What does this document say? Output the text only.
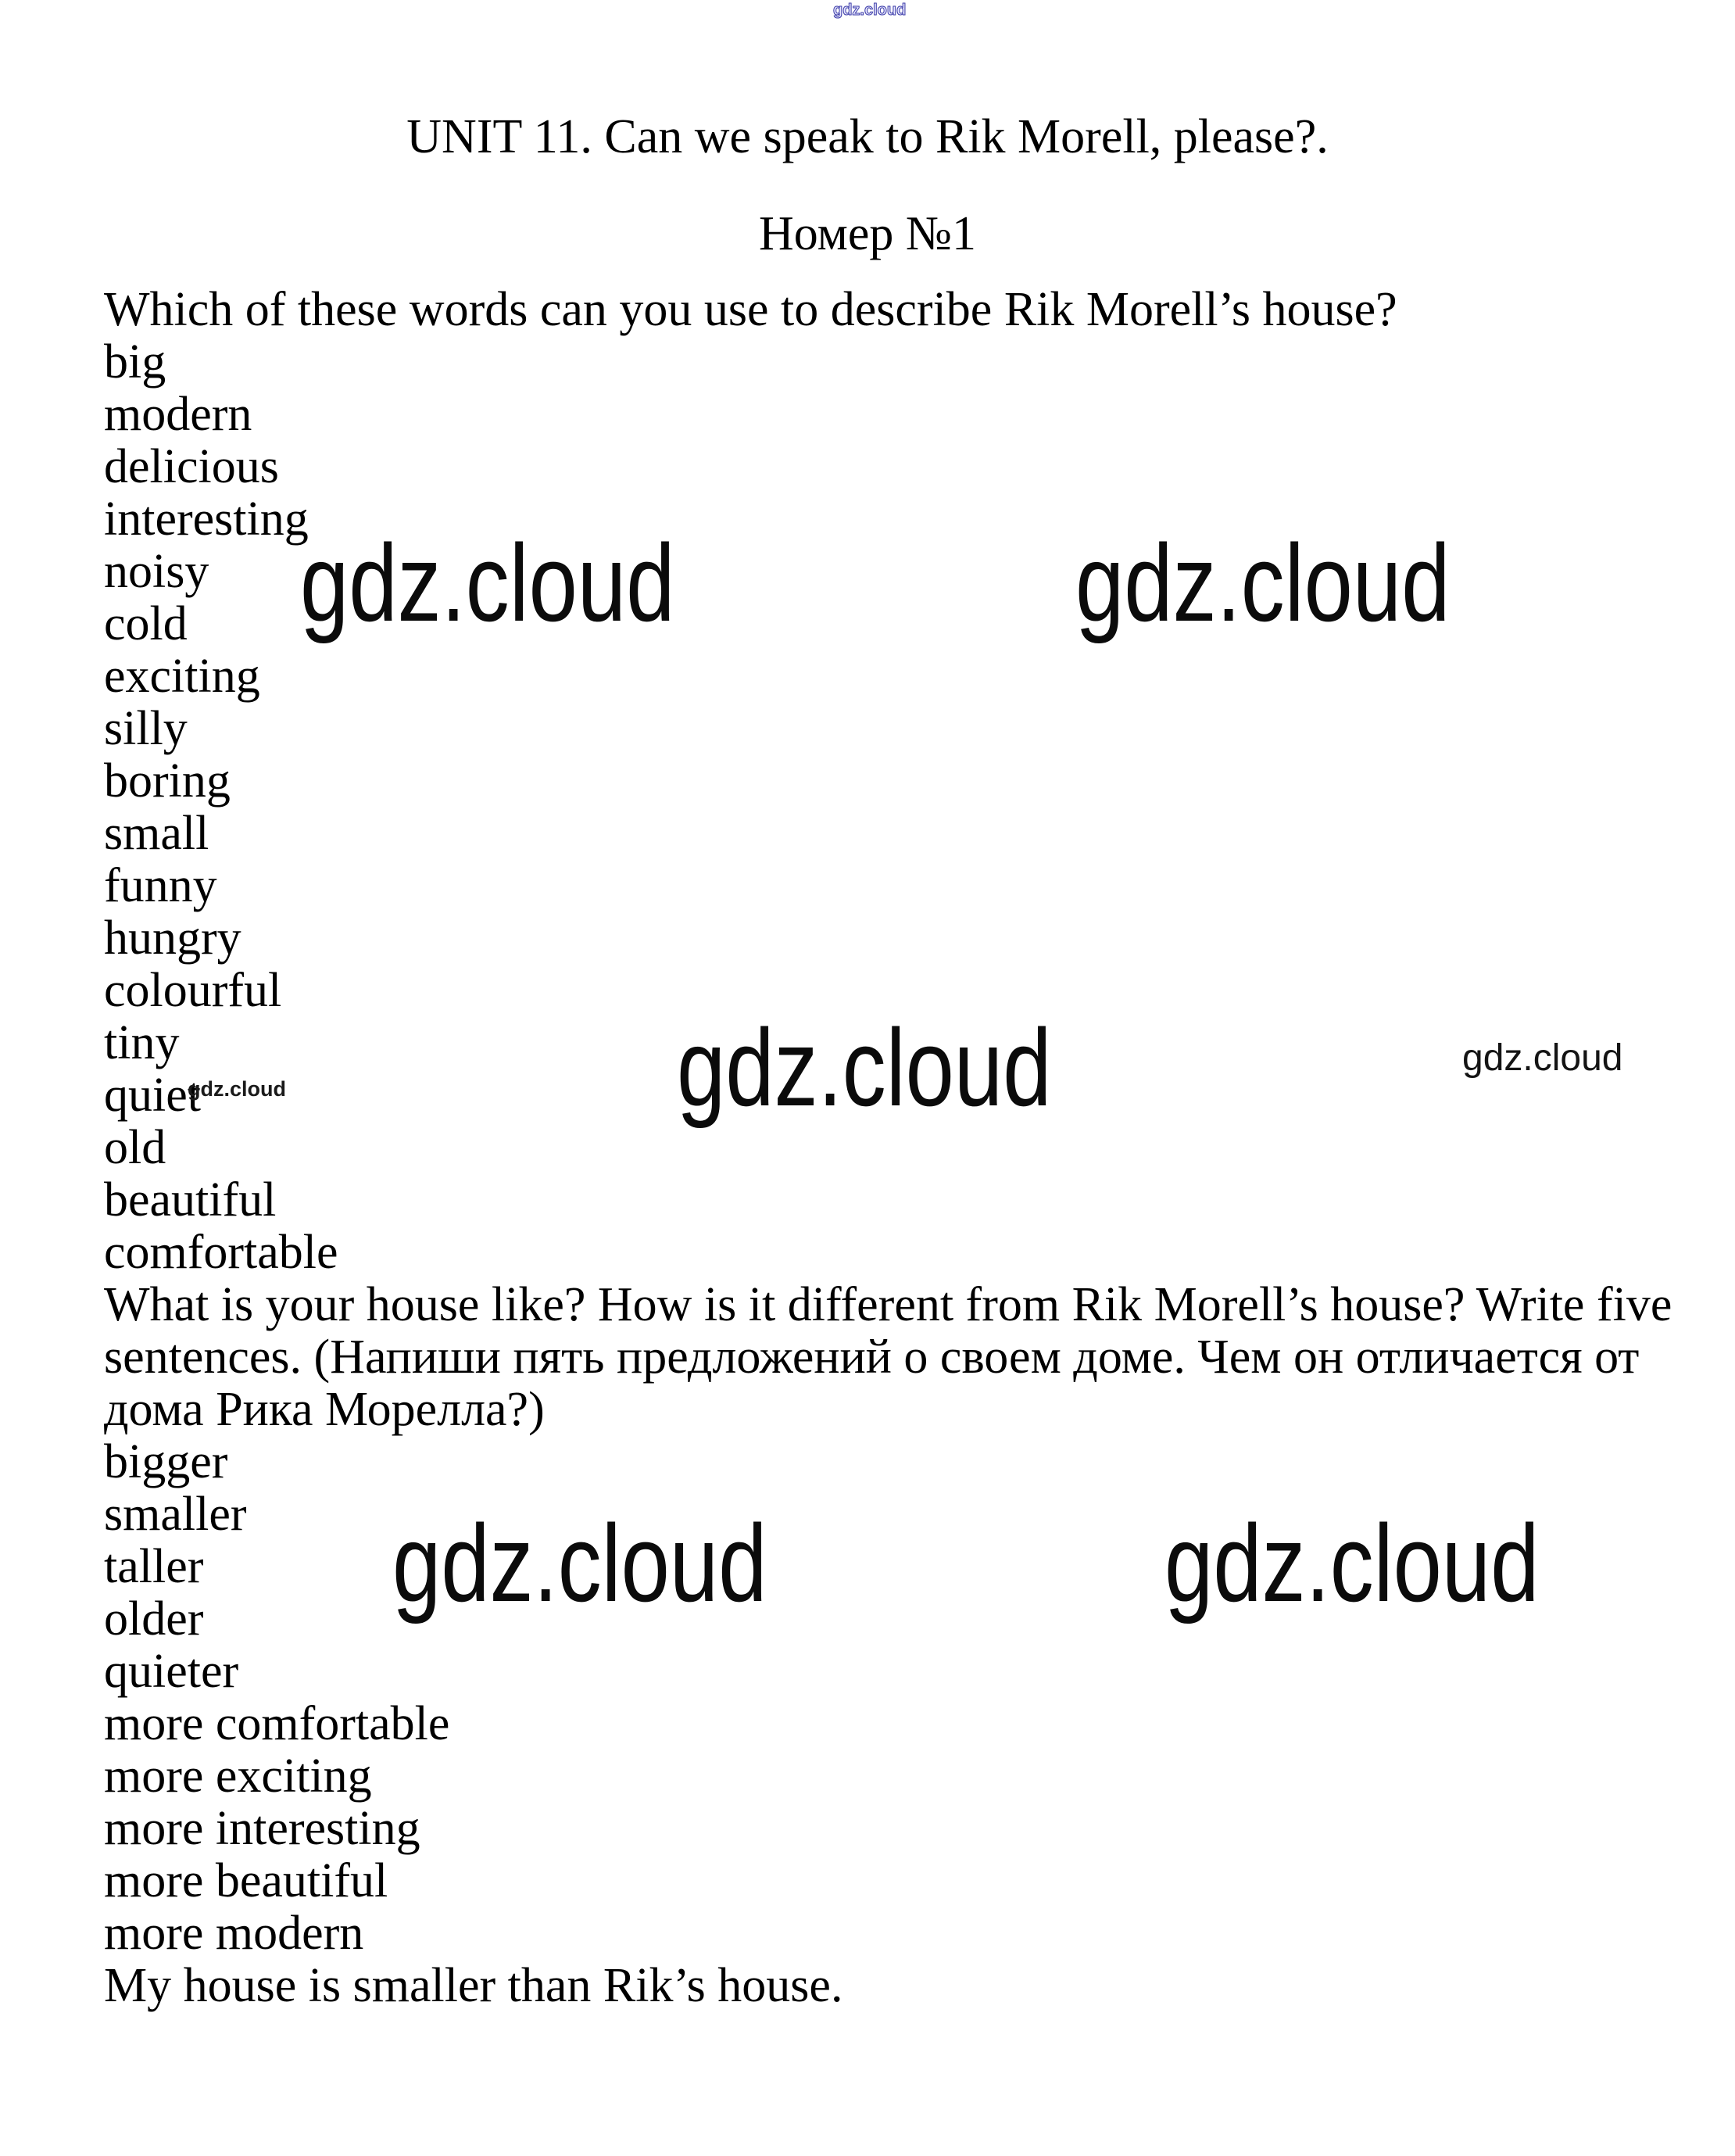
gdz.cloud
UNIT 11. Can we speak to Rik Morell, please?.
Номер №1
Which of these words can you use to describe Rik Morell’s house?
big
modern
delicious
interesting
noisy
cold
exciting
silly
boring
small
funny
hungry
colourful
tiny
quiet
old
beautiful
comfortable
What is your house like? How is it different from Rik Morell’s house? Write five
sentences. (Напиши пять предложений о своем доме. Чем он отличается от
дома Рика Морелла?)
bigger
smaller
taller
older
quieter
more comfortable
more exciting
more interesting
more beautiful
more modern
My house is smaller than Rik’s house.
gdz.cloud	gdz.cloud
gdz.cloud	gdz.cloud
gdz.cloud
gdz.cloud	gdz.cloud
